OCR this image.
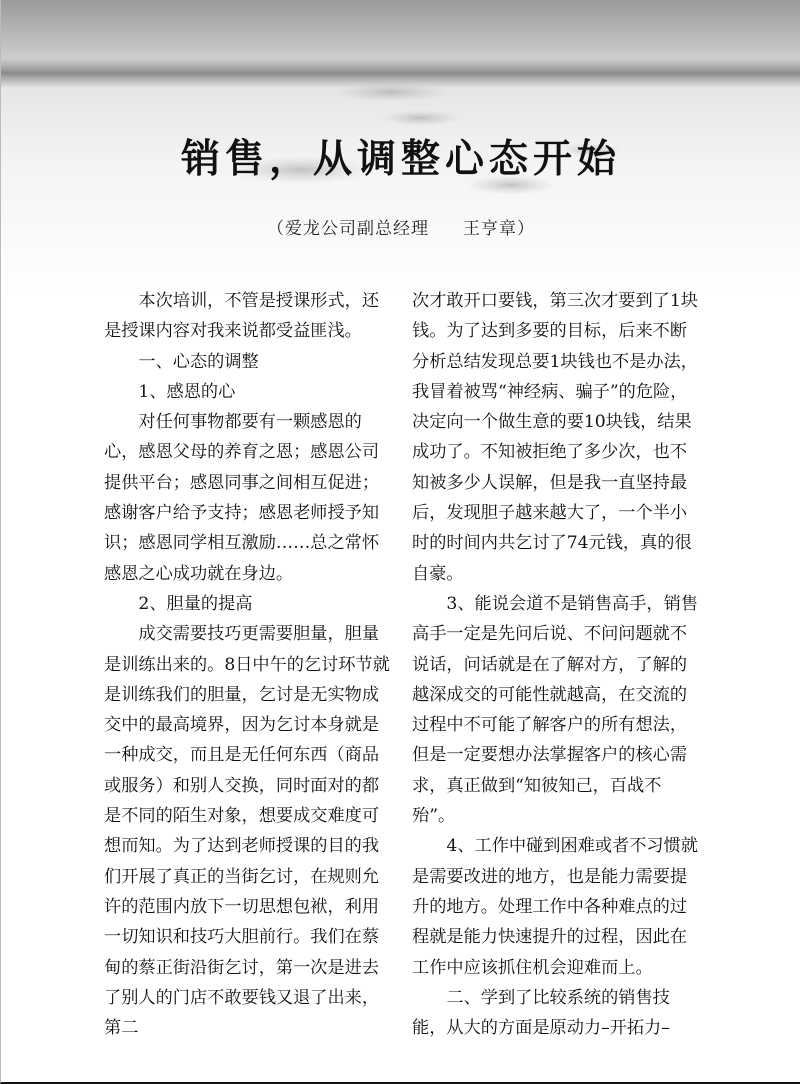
销售，从调整心态开始
（爱龙公司副总经理 王亨章）

本次培训，不管是授课形式，还是授课内容对我来说都受益匪浅。

一、心态的调整

1、感恩的心

对任何事物都要有一颗感恩的心，感恩父母的养育之恩；感恩公司提供平台；感恩同事之间相互促进；感谢客户给予支持；感恩老师授予知识；感恩同学相互激励……总之常怀感恩之心成功就在身边。

2、胆量的提高

成交需要技巧更需要胆量，胆量是训练出来的。8日中午的乞讨环节就是训练我们的胆量，乞讨是无实物成交中的最高境界，因为乞讨本身就是一种成交，而且是无任何东西（商品或服务）和别人交换，同时面对的都是不同的陌生对象，想要成交难度可想而知。为了达到老师授课的目的我们开展了真正的当街乞讨，在规则允许的范围内放下一切思想包袱，利用一切知识和技巧大胆前行。我们在蔡甸的蔡正街沿街乞讨，第一次是进去了别人的门店不敢要钱又退了出来，第二

次才敢开口要钱，第三次才要到了1块钱。为了达到多要的目标，后来不断分析总结发现总要1块钱也不是办法，我冒着被骂“神经病、骗子”的危险，决定向一个做生意的要10块钱，结果成功了。不知被拒绝了多少次，也不知被多少人误解，但是我一直坚持最后，发现胆子越来越大了，一个半小时的时间内共乞讨了74元钱，真的很自豪。

3、能说会道不是销售高手，销售高手一定是先问后说、不问问题就不说话，问话就是在了解对方，了解的越深成交的可能性就越高，在交流的过程中不可能了解客户的所有想法，但是一定要想办法掌握客户的核心需求，真正做到“知彼知己，百战不殆”。

4、工作中碰到困难或者不习惯就是需要改进的地方，也是能力需要提升的地方。处理工作中各种难点的过程就是能力快速提升的过程，因此在工作中应该抓住机会迎难而上。

二、学到了比较系统的销售技能，从大的方面是原动力–开拓力–
